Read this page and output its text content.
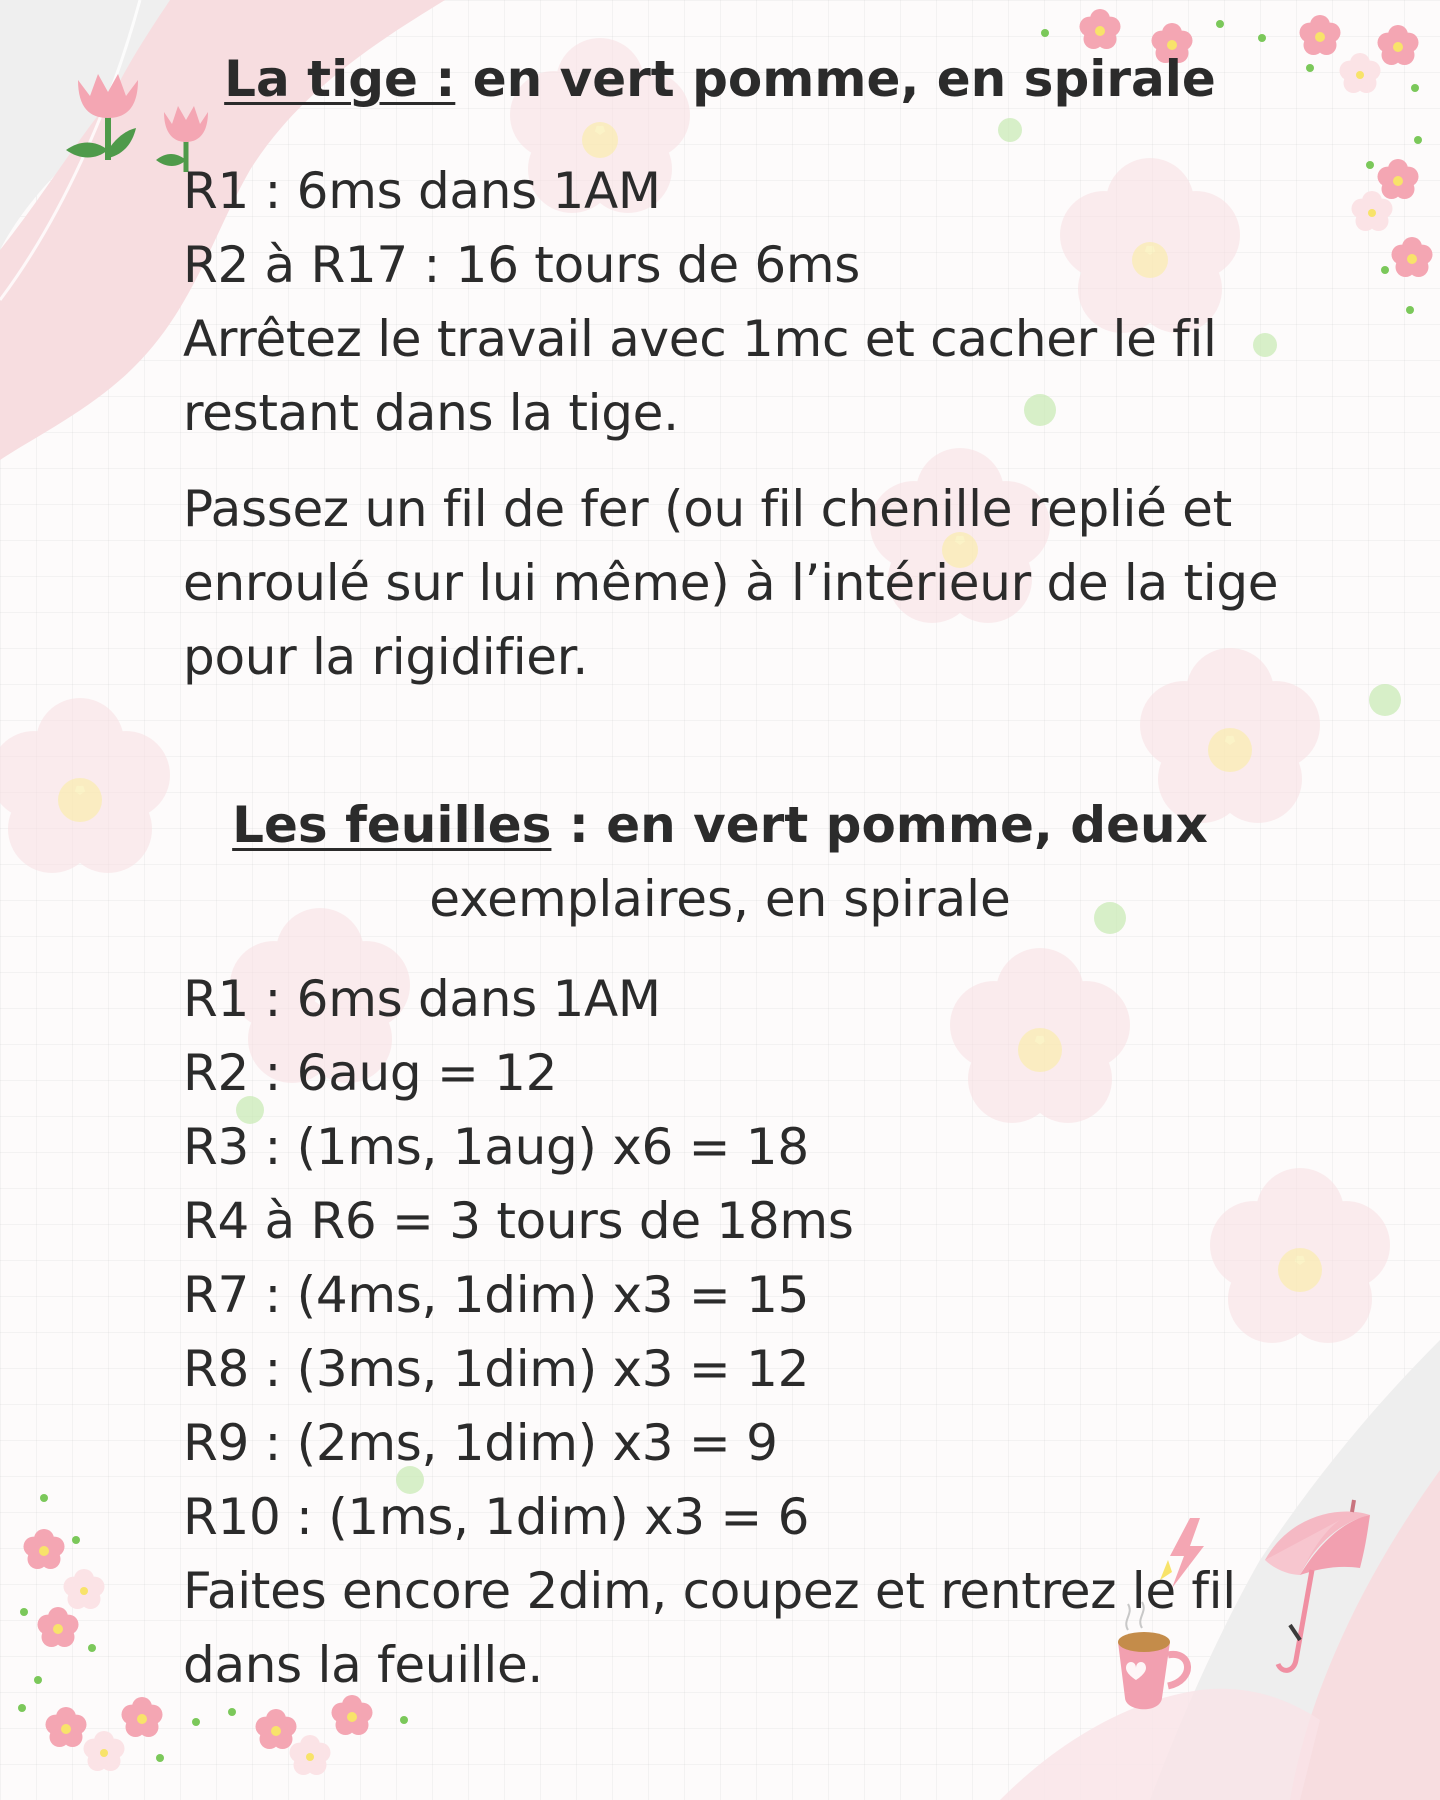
La tige : en vert pomme, en spirale

R1 : 6ms dans 1AM

R2 à R17 : 16 tours de 6ms

Arrêtez le travail avec 1mc et cacher le fil

restant dans la tige.

Passez un fil de fer (ou fil chenille replié et

enroulé sur lui même) à l’intérieur de la tige

pour la rigidifier.

Les feuilles : en vert pomme, deux

exemplaires, en spirale

R1 : 6ms dans 1AM

R2 : 6aug = 12

R3 : (1ms, 1aug) x6 = 18

R4 à R6 = 3 tours de 18ms

R7 : (4ms, 1dim) x3 = 15

R8 : (3ms, 1dim) x3 = 12

R9 : (2ms, 1dim) x3 = 9

R10 : (1ms, 1dim) x3 = 6

Faites encore 2dim, coupez et rentrez le fil

dans la feuille.
